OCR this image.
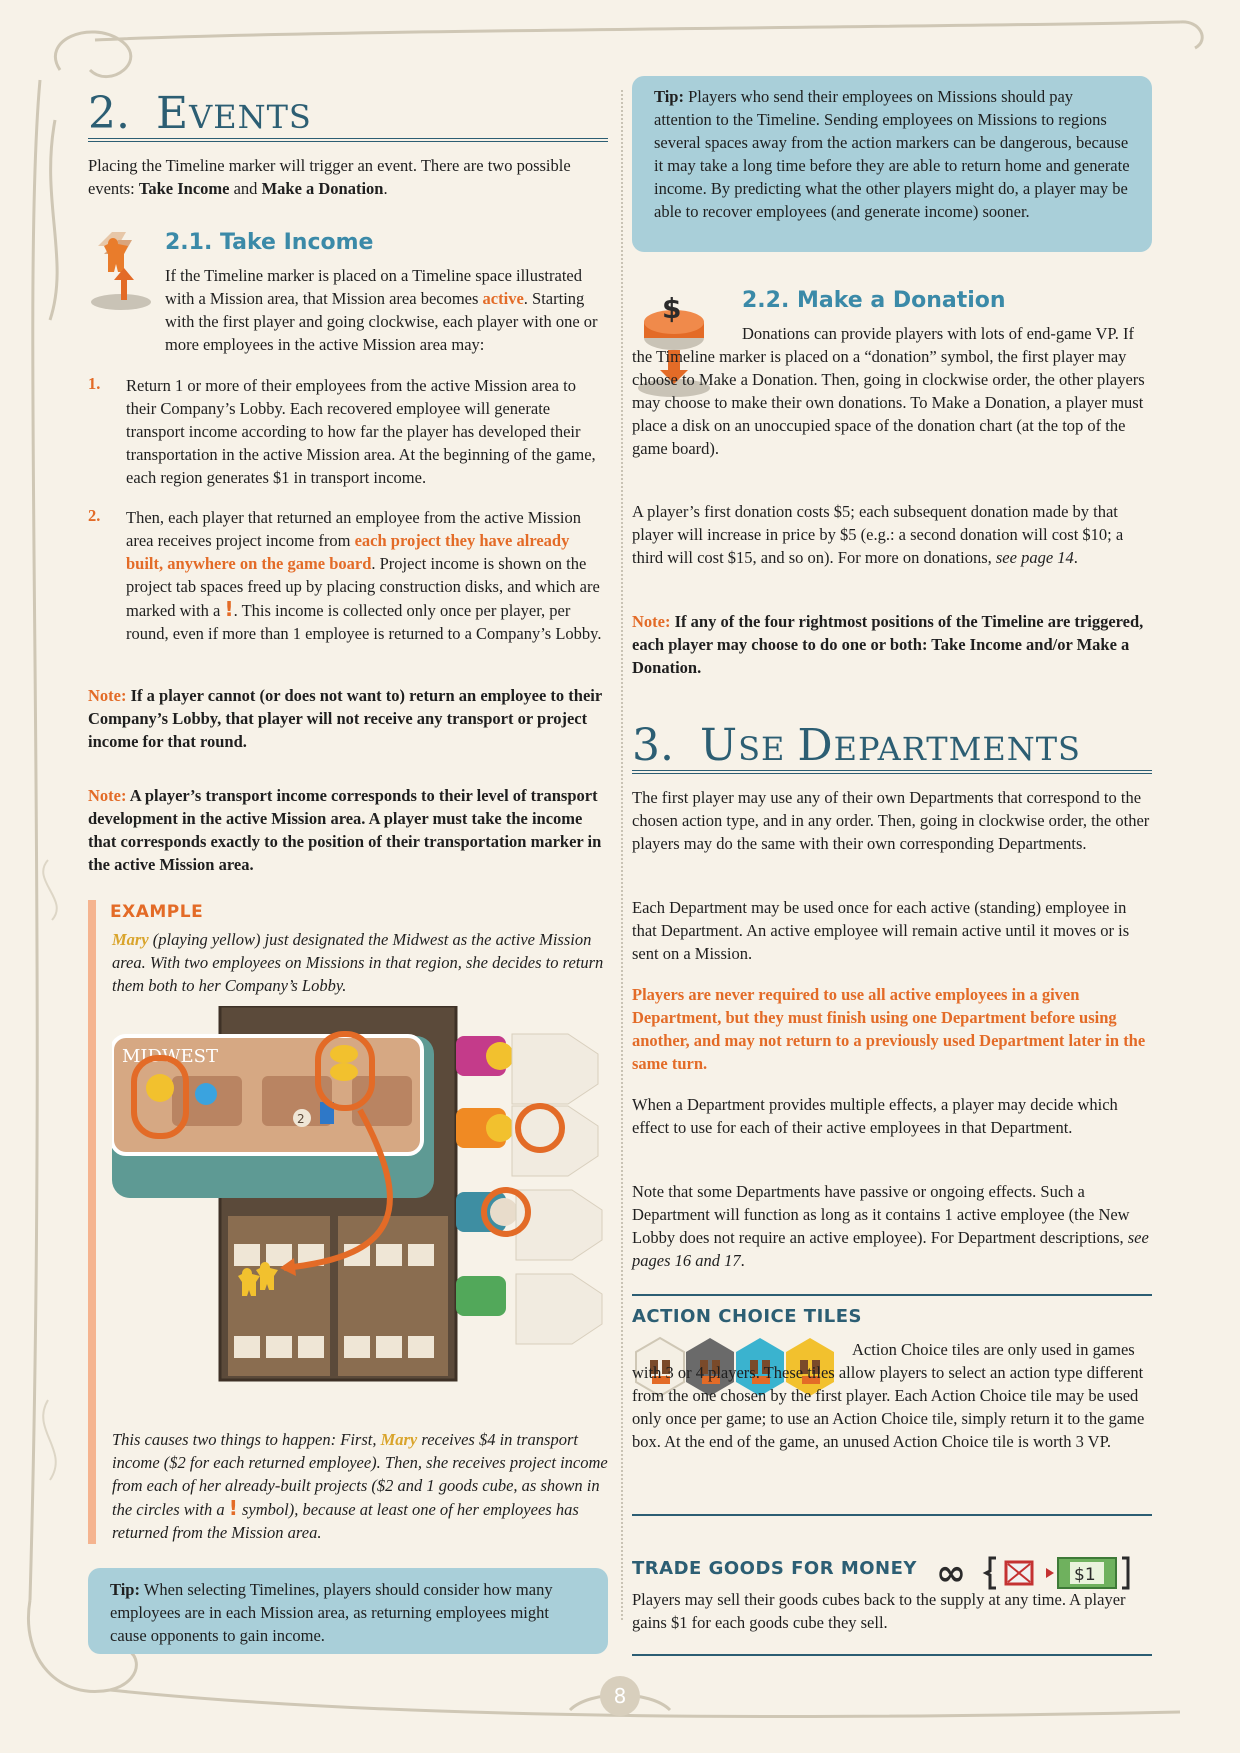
2. EVENTS

Placing the Timeline marker will trigger an event. There are two possible events: Take Income and Make a Donation.

2.1. Take Income

If the Timeline marker is placed on a Timeline space illustrated with a Mission area, that Mission area becomes active. Starting with the first player and going clockwise, each player with one or more employees in the active Mission area may:

1. Return 1 or more of their employees from the active Mission area to their Company’s Lobby. Each recovered employee will generate transport income according to how far the player has developed their transportation in the active Mission area. At the beginning of the game, each region generates $1 in transport income.

2. Then, each player that returned an employee from the active Mission area receives project income from each project they have already built, anywhere on the game board. Project income is shown on the project tab spaces freed up by placing construction disks, and which are marked with a !. This income is collected only once per player, per round, even if more than 1 employee is returned to a Company’s Lobby.

Note: If a player cannot (or does not want to) return an employee to their Company’s Lobby, that player will not receive any transport or project income for that round.

Note: A player’s transport income corresponds to their level of transport development in the active Mission area. A player must take the income that corresponds exactly to the position of their transportation marker in the active Mission area.

EXAMPLE

Mary (playing yellow) just designated the Midwest as the active Mission area. With two employees on Missions in that region, she decides to return them both to her Company’s Lobby.

MIDWEST
2

This causes two things to happen: First, Mary receives $4 in transport income ($2 for each returned employee). Then, she receives project income from each of her already-built projects ($2 and 1 goods cube, as shown in the circles with a ! symbol), because at least one of her employees has returned from the Mission area.

Tip: When selecting Timelines, players should consider how many employees are in each Mission area, as returning employees might cause opponents to gain income.

Tip: Players who send their employees on Missions should pay attention to the Timeline. Sending employees on Missions to regions several spaces away from the action markers can be dangerous, because it may take a long time before they are able to return home and generate income. By predicting what the other players might do, a player may be able to recover employees (and generate income) sooner.

$	2.2. Make a Donation

Donations can provide players with lots of end-game VP. If the Timeline marker is placed on a “donation” symbol, the first player may choose to Make a Donation. Then, going in clockwise order, the other players may choose to make their own donations. To Make a Donation, a player must place a disk on an unoccupied space of the donation chart (at the top of the game board).

A player’s first donation costs $5; each subsequent donation made by that player will increase in price by $5 (e.g.: a second donation will cost $10; a third will cost $15, and so on). For more on donations, see page 14.

Note: If any of the four rightmost positions of the Timeline are triggered, each player may choose to do one or both: Take Income and/or Make a Donation.

3. USE DEPARTMENTS

The first player may use any of their own Departments that correspond to the chosen action type, and in any order. Then, going in clockwise order, the other players may do the same with their own corresponding Departments.

Each Department may be used once for each active (standing) employee in that Department. An active employee will remain active until it moves or is sent on a Mission.

Players are never required to use all active employees in a given Department, but they must finish using one Department before using another, and may not return to a previously used Department later in the same turn.

When a Department provides multiple effects, a player may decide which effect to use for each of their active employees in that Department.

Note that some Departments have passive or ongoing effects. Such a Department will function as long as it contains 1 active employee (the New Lobby does not require an active employee). For Department descriptions, see pages 16 and 17.

ACTION CHOICE TILES

Action Choice tiles are only used in games with 3 or 4 players. These tiles allow players to select an action type different from the one chosen by the first player. Each Action Choice tile may be used only once per game; to use an Action Choice tile, simply return it to the game box. At the end of the game, an unused Action Choice tile is worth 3 VP.

TRADE GOODS FOR MONEY ∞	$1

Players may sell their goods cubes back to the supply at any time. A player gains $1 for each goods cube they sell.

8
